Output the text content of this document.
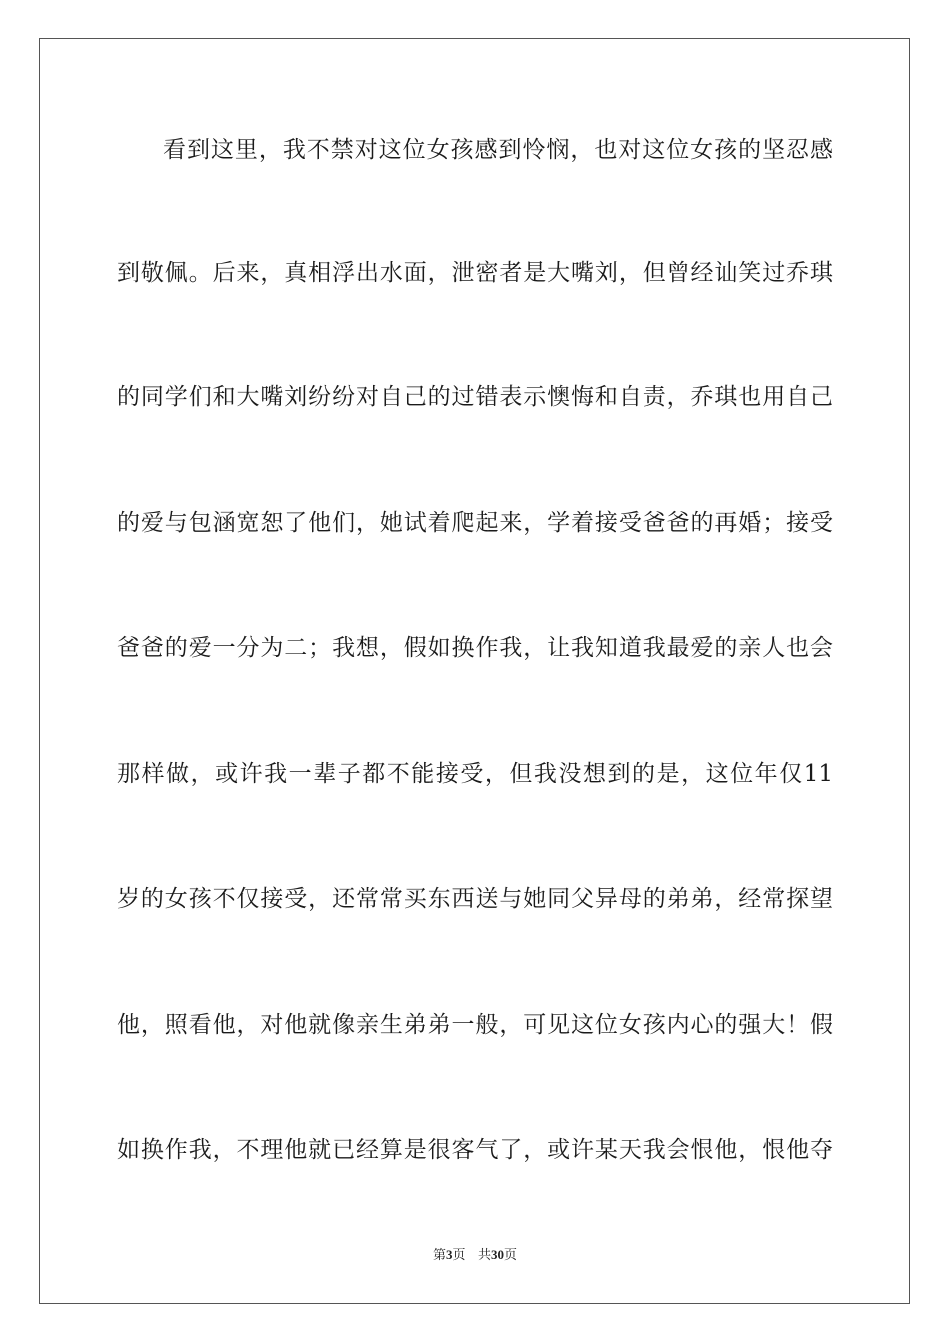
看到这里，我不禁对这位女孩感到怜悯，也对这位女孩的坚忍感
到敬佩。后来，真相浮出水面，泄密者是大嘴刘，但曾经讪笑过乔琪
的同学们和大嘴刘纷纷对自己的过错表示懊悔和自责，乔琪也用自己
的爱与包涵宽恕了他们，她试着爬起来，学着接受爸爸的再婚；接受
爸爸的爱一分为二；我想，假如换作我，让我知道我最爱的亲人也会
那样做，或许我一辈子都不能接受，但我没想到的是，这位年仅11
岁的女孩不仅接受，还常常买东西送与她同父异母的弟弟，经常探望
他，照看他，对他就像亲生弟弟一般，可见这位女孩内心的强大！假
如换作我，不理他就已经算是很客气了，或许某天我会恨他，恨他夺
第3页 共30页
